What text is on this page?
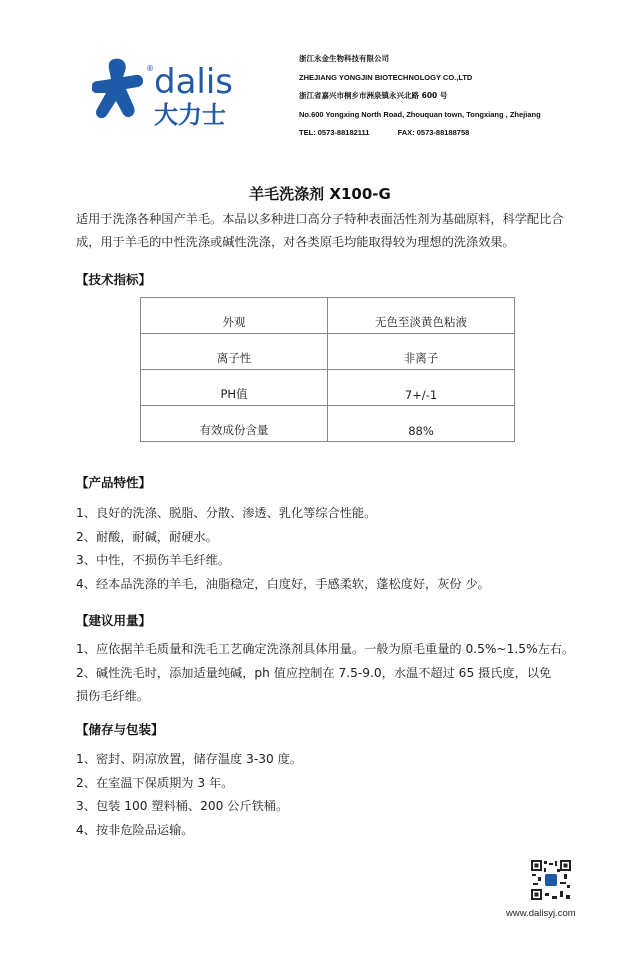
dalis
®
大力士
浙江永金生物科技有限公司
ZHEJIANG YONGJIN BIOTECHNOLOGY CO.,LTD
浙江省嘉兴市桐乡市洲泉镇永兴北路 600 号
No.600 Yongxing North Road, Zhouquan town, Tongxiang , Zhejiang
TEL: 0573-88182111	FAX: 0573-88188758
羊毛洗涤剂 X100-G
适用于洗涤各种国产羊毛。本品以多种进口高分子特种表面活性剂为基础原料，科学配比合成，用于羊毛的中性洗涤或碱性洗涤，对各类原毛均能取得较为理想的洗涤效果。
【技术指标】
外观	无色至淡黄色粘液
离子性	非离子
PH值	7+/-1
有效成份含量	88%
【产品特性】
1、良好的洗涤、脱脂、分散、渗透、乳化等综合性能。
2、耐酸，耐碱，耐硬水。
3、中性，不损伤羊毛纤维。
4、经本品洗涤的羊毛，油脂稳定，白度好，手感柔软，蓬松度好，灰份 少。
【建议用量】
1、应依据羊毛质量和洗毛工艺确定洗涤剂具体用量。一般为原毛重量的 0.5%~1.5%左右。
2、碱性洗毛时，添加适量纯碱，ph 值应控制在 7.5-9.0，水温不超过 65 摄氏度，以免
损伤毛纤维。
【储存与包装】
1、密封、阴凉放置，储存温度 3-30 度。
2、在室温下保质期为 3 年。
3、包装 100 塑料桶、200 公斤铁桶。
4、按非危险品运输。
www.dalisyj.com
